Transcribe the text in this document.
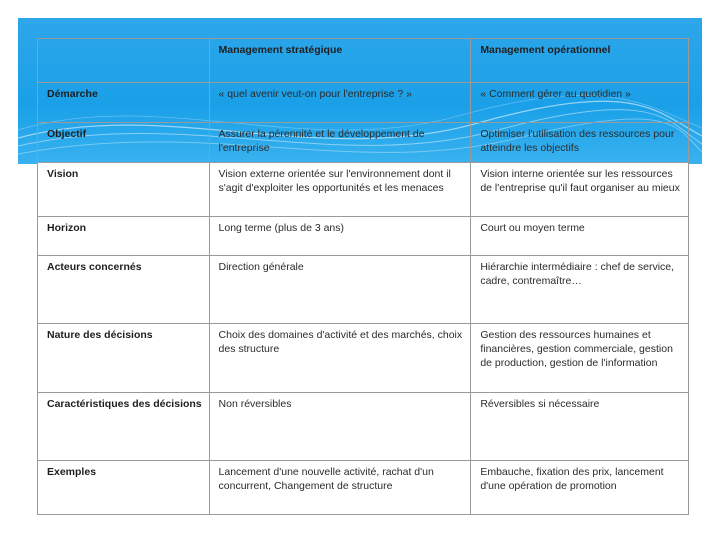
	Management stratégique	Management opérationnel
Démarche	« quel avenir veut-on pour l'entreprise ? »	« Comment gérer au quotidien »
Objectif	Assurer la pérennité et le développement de l'entreprise	Optimiser l'utilisation des ressources pour atteindre les objectifs
Vision	Vision externe orientée sur l'environnement dont il s'agit d'exploiter les opportunités et les menaces	Vision interne orientée sur les ressources de l'entreprise qu'il faut organiser au mieux
Horizon	Long terme (plus de 3 ans)	Court ou moyen terme
Acteurs concernés	Direction générale	Hiérarchie intermédiaire : chef de service, cadre, contremaître…
Nature des décisions	Choix des domaines d'activité et des marchés, choix des structure	Gestion des ressources humaines et financières, gestion commerciale, gestion de production, gestion de l'information
Caractéristiques des décisions	Non réversibles	Réversibles si nécessaire
Exemples	Lancement d'une nouvelle activité, rachat d'un concurrent, Changement de structure	Embauche, fixation des prix, lancement d'une opération de promotion
